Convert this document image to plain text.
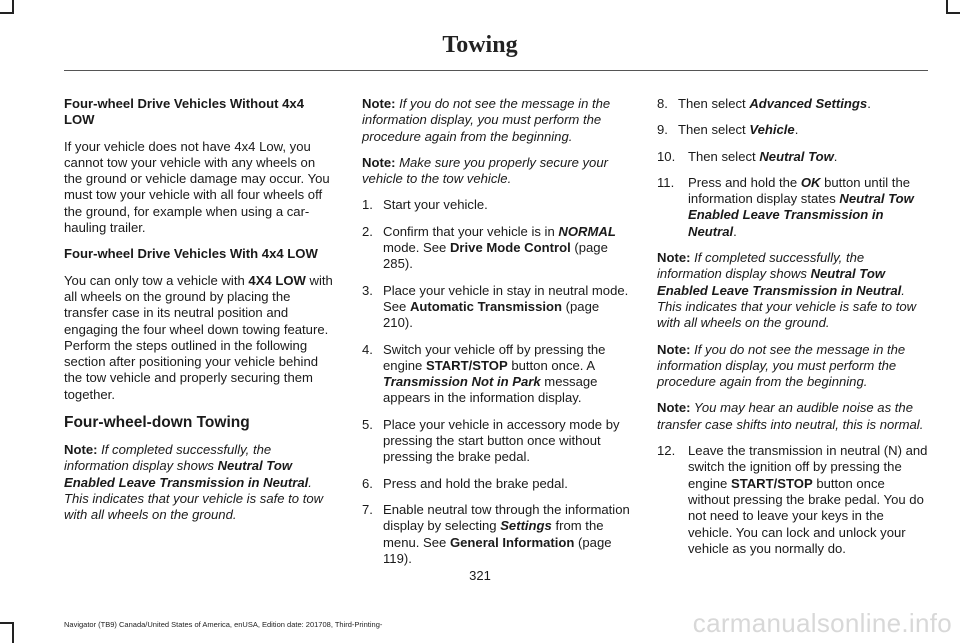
Towing
Four-wheel Drive Vehicles Without 4x4 LOW
If your vehicle does not have 4x4 Low, you cannot tow your vehicle with any wheels on the ground or vehicle damage may occur. You must tow your vehicle with all four wheels off the ground, for example when using a car-hauling trailer.
Four-wheel Drive Vehicles With 4x4 LOW
You can only tow a vehicle with 4X4 LOW with all wheels on the ground by placing the transfer case in its neutral position and engaging the four wheel down towing feature. Perform the steps outlined in the following section after positioning your vehicle behind the tow vehicle and properly securing them together.
Four-wheel-down Towing
Note: If completed successfully, the information display shows Neutral Tow Enabled Leave Transmission in Neutral. This indicates that your vehicle is safe to tow with all wheels on the ground.
Note: If you do not see the message in the information display, you must perform the procedure again from the beginning.
Note: Make sure you properly secure your vehicle to the tow vehicle.
1. Start your vehicle.
2. Confirm that your vehicle is in NORMAL mode. See Drive Mode Control (page 285).
3. Place your vehicle in stay in neutral mode. See Automatic Transmission (page 210).
4. Switch your vehicle off by pressing the engine START/STOP button once. A Transmission Not in Park message appears in the information display.
5. Place your vehicle in accessory mode by pressing the start button once without pressing the brake pedal.
6. Press and hold the brake pedal.
7. Enable neutral tow through the information display by selecting Settings from the menu. See General Information (page 119).
8. Then select Advanced Settings.
9. Then select Vehicle.
10. Then select Neutral Tow.
11. Press and hold the OK button until the information display states Neutral Tow Enabled Leave Transmission in Neutral.
Note: If completed successfully, the information display shows Neutral Tow Enabled Leave Transmission in Neutral. This indicates that your vehicle is safe to tow with all wheels on the ground.
Note: If you do not see the message in the information display, you must perform the procedure again from the beginning.
Note: You may hear an audible noise as the transfer case shifts into neutral, this is normal.
12. Leave the transmission in neutral (N) and switch the ignition off by pressing the engine START/STOP button once without pressing the brake pedal. You do not need to leave your keys in the vehicle. You can lock and unlock your vehicle as you normally do.
321
Navigator (TB9) Canada/United States of America, enUSA, Edition date: 201708, Third-Printing-	carmanualsonline.info
